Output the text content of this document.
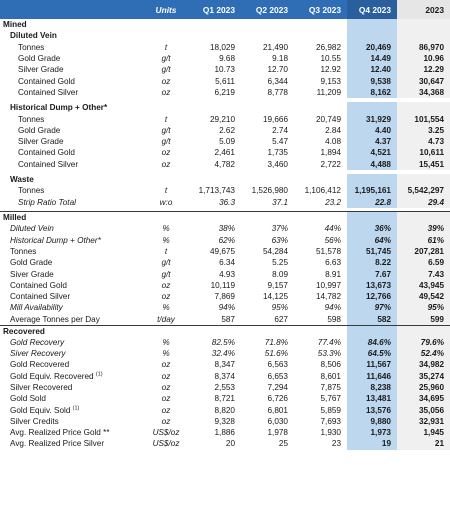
	Units	Q1 2023	Q2 2023	Q3 2023	Q4 2023	2023
Mined						
Diluted Vein						
Tonnes	t	18,029	21,490	26,982	20,469	86,970
Gold Grade	g/t	9.68	9.18	10.55	14.49	10.96
Silver Grade	g/t	10.73	12.70	12.92	12.40	12.29
Contained Gold	oz	5,611	6,344	9,153	9,538	30,647
Contained Silver	oz	6,219	8,778	11,209	8,162	34,368

Historical Dump + Other*						
Tonnes	t	29,210	19,666	20,749	31,929	101,554
Gold Grade	g/t	2.62	2.74	2.84	4.40	3.25
Silver Grade	g/t	5.09	5.47	4.08	4.37	4.73
Contained Gold	oz	2,461	1,735	1,894	4,521	10,611
Contained Silver	oz	4,782	3,460	2,722	4,488	15,451

Waste						
Tonnes	t	1,713,743	1,526,980	1,106,412	1,195,161	5,542,297
Strip Ratio Total	w:o	36.3	37.1	23.2	22.8	29.4

Milled						
Diluted Vein	%	38%	37%	44%	36%	39%
Historical Dump + Other*	%	62%	63%	56%	64%	61%
Tonnes	t	49,675	54,284	51,578	51,745	207,281
Gold Grade	g/t	6.34	5.25	6.63	8.22	6.59
Siver Grade	g/t	4.93	8.09	8.91	7.67	7.43
Contained Gold	oz	10,119	9,157	10,997	13,673	43,945
Contained Silver	oz	7,869	14,125	14,782	12,766	49,542
Mill Availability	%	94%	95%	94%	97%	95%
Average Tonnes per Day	t/day	587	627	598	582	599
Recovered						
Gold Recovery	%	82.5%	71.8%	77.4%	84.6%	79.6%
Siver Recovery	%	32.4%	51.6%	53.3%	64.5%	52.4%
Gold Recovered	oz	8,347	6,563	8,506	11,567	34,982
Gold Equiv. Recovered $^{(1)}$	oz	8,374	6,653	8,601	11,646	35,274
Silver Recovered	oz	2,553	7,294	7,875	8,238	25,960
Gold Sold	oz	8,721	6,726	5,767	13,481	34,695
Gold Equiv. Sold $^{(1)}$	oz	8,820	6,801	5,859	13,576	35,056
Silver Credits	oz	9,328	6,030	7,693	9,880	32,931
Avg. Realized Price Gold **	US$/oz	1,886	1,978	1,930	1,973	1,945
Avg. Realized Price Silver	US$/oz	20	25	23	19	21
